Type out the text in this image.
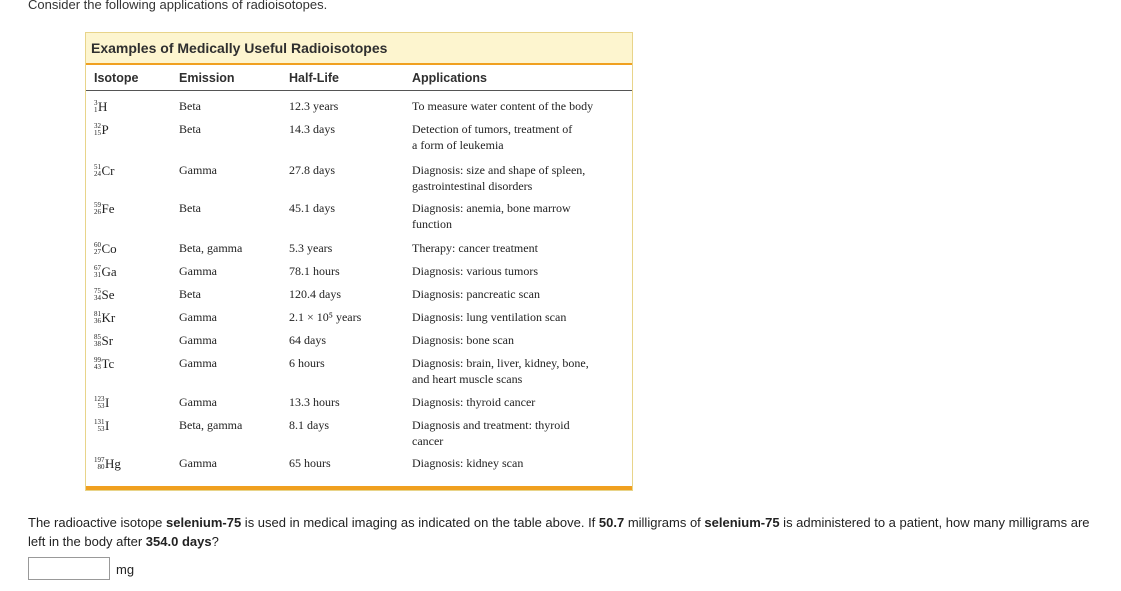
Consider the following applications of radioisotopes.
Examples of Medically Useful Radioisotopes
Isotope	Emission	Half-Life	Applications
3
1 H	Beta	12.3 years	To measure water content of the body
32
15 P	Beta	14.3 days	Detection of tumors, treatment of
a form of leukemia
51
24 Cr	Gamma	27.8 days	Diagnosis: size and shape of spleen,
gastrointestinal disorders
59
26 Fe	Beta	45.1 days	Diagnosis: anemia, bone marrow
function
60
27 Co	Beta, gamma	5.3 years	Therapy: cancer treatment
67
31 Ga	Gamma	78.1 hours	Diagnosis: various tumors
75
34 Se	Beta	120.4 days	Diagnosis: pancreatic scan
81
36 Kr	Gamma	2.1 × 10⁵ years	Diagnosis: lung ventilation scan
85
38 Sr	Gamma	64 days	Diagnosis: bone scan
99
43 Tc	Gamma	6 hours	Diagnosis: brain, liver, kidney, bone,
and heart muscle scans
123
53 I	Gamma	13.3 hours	Diagnosis: thyroid cancer
131
53 I	Beta, gamma	8.1 days	Diagnosis and treatment: thyroid
cancer
197
80 Hg	Gamma	65 hours	Diagnosis: kidney scan
The radioactive isotope selenium-75 is used in medical imaging as indicated on the table above. If 50.7 milligrams of selenium-75 is administered to a patient, how many milligrams are left in the body after 354.0 days?
mg
